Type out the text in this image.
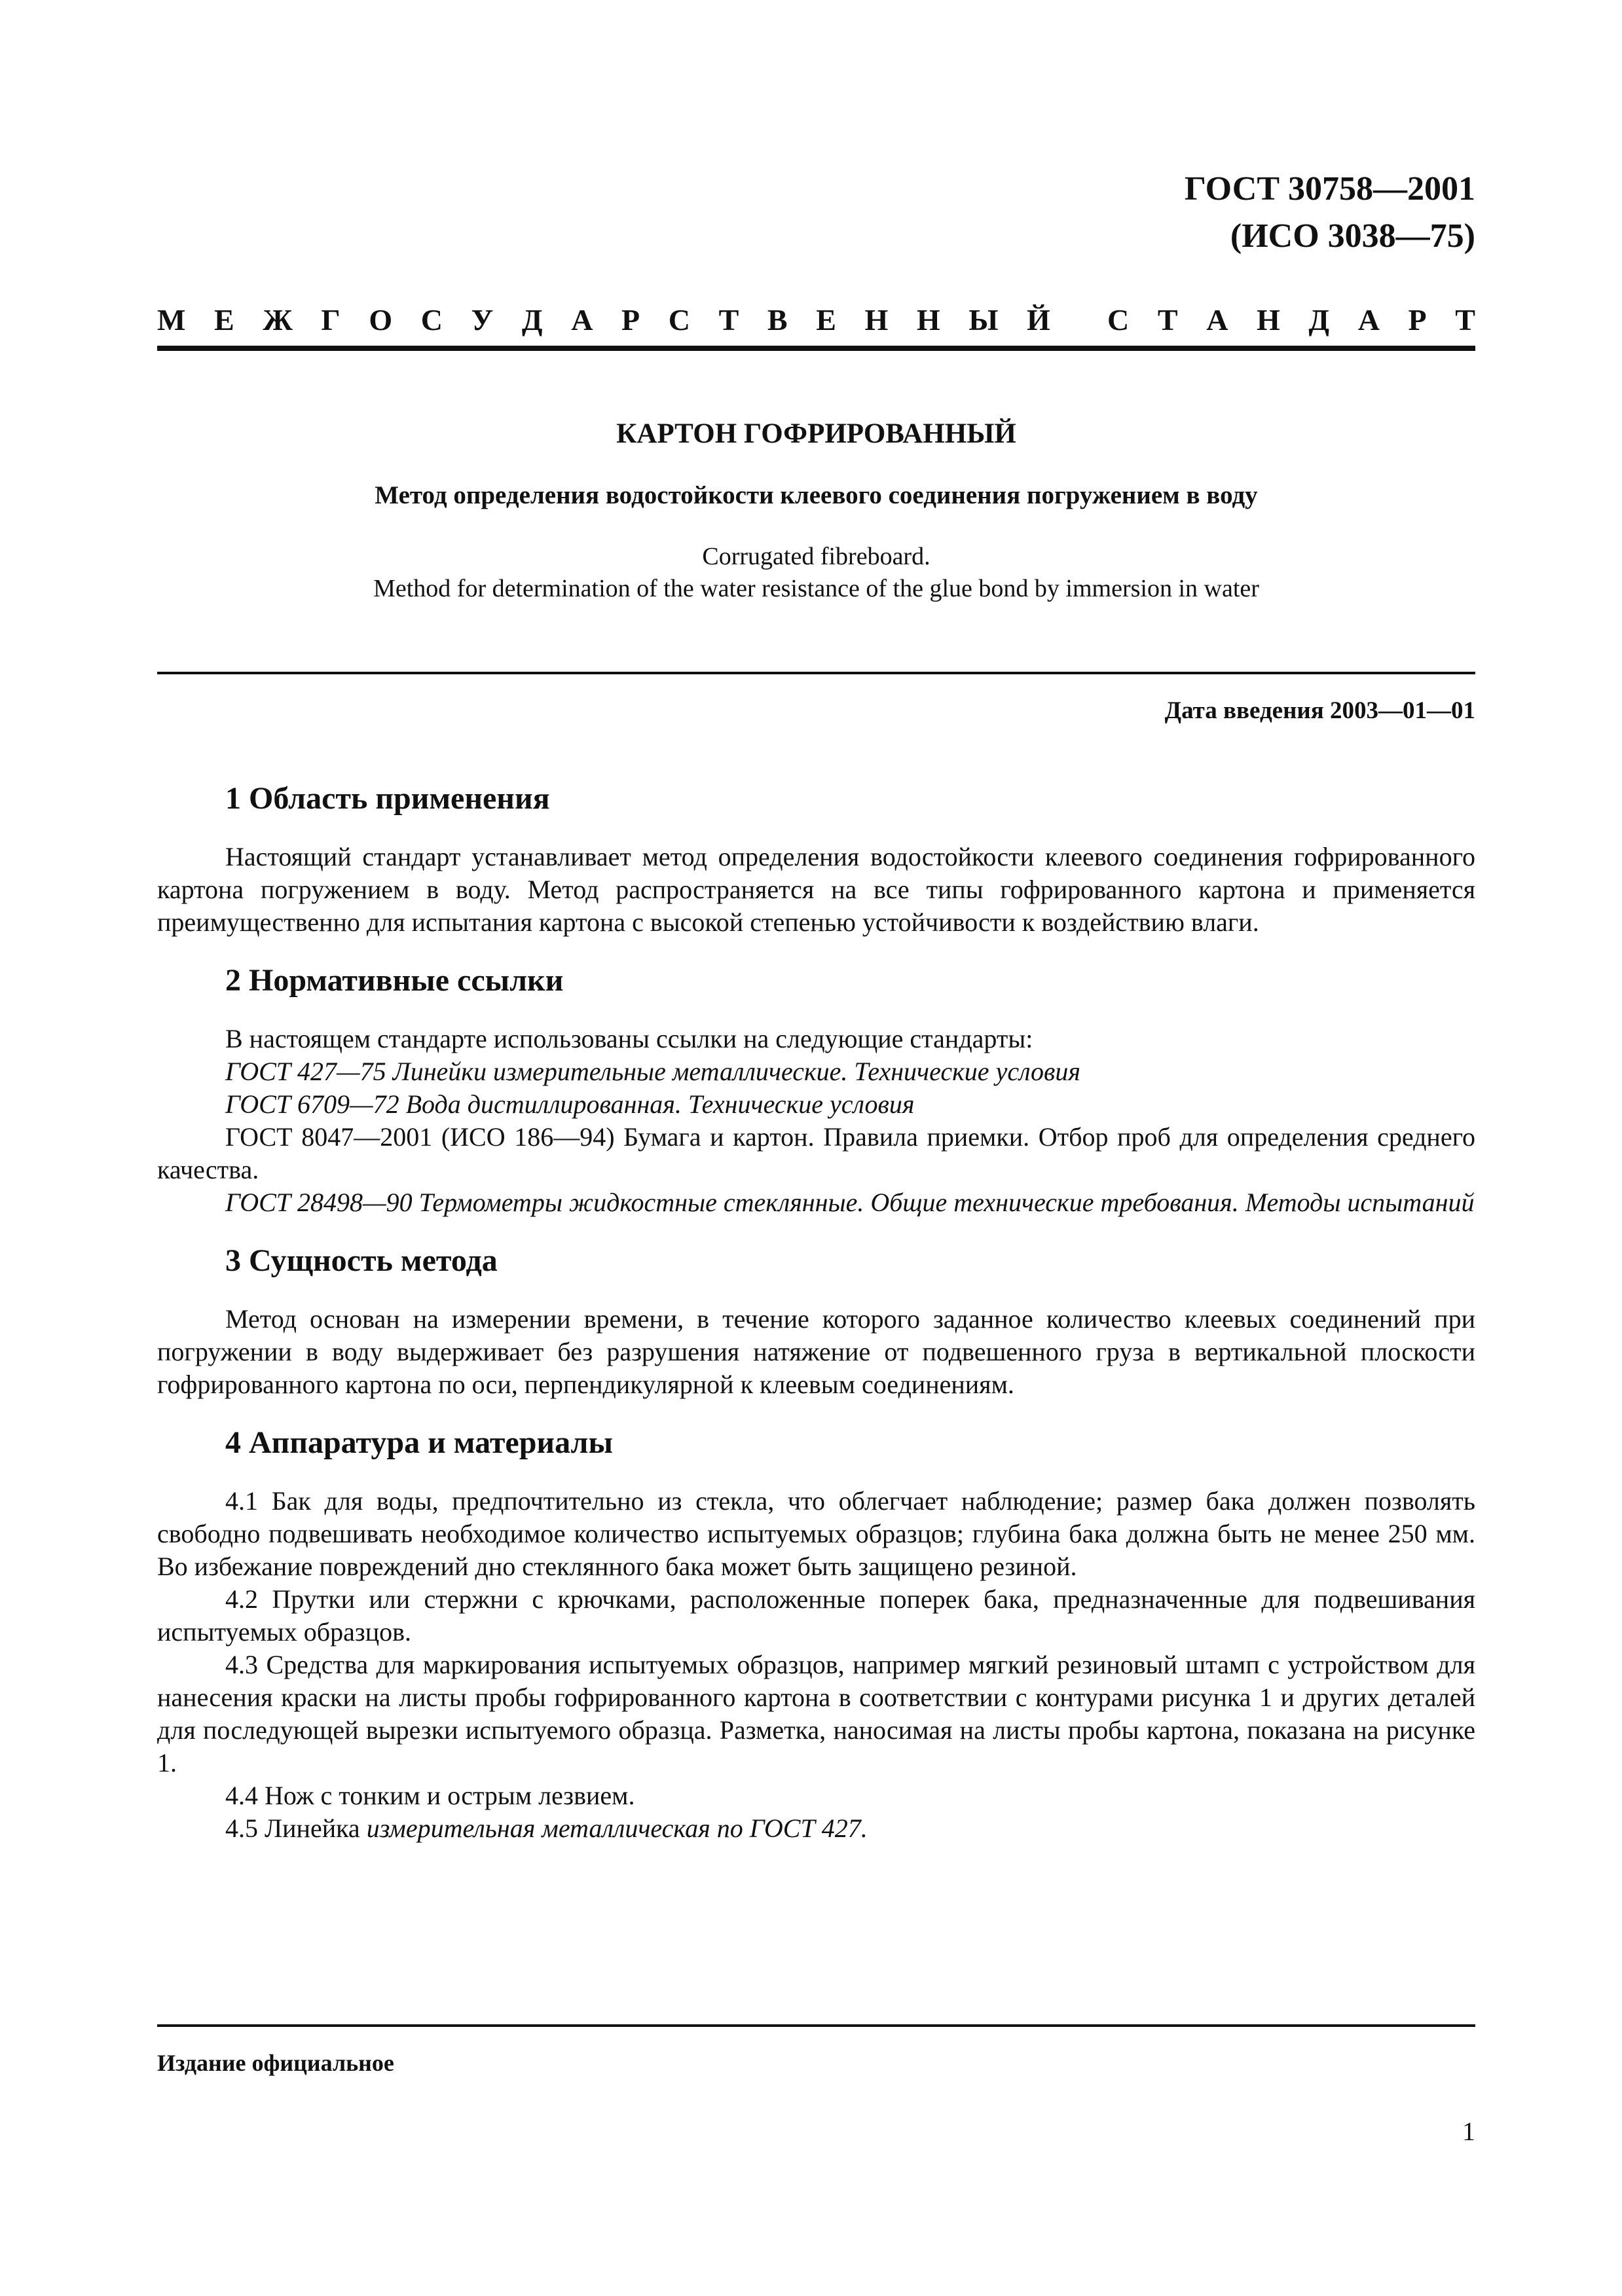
ГОСТ 30758—2001
(ИСО 3038—75)
М Е Ж Г О С У Д А Р С Т В Е Н Н Ы Й С Т А Н Д А Р Т
КАРТОН ГОФРИРОВАННЫЙ
Метод определения водостойкости клеевого соединения погружением в воду
Corrugated fibreboard.
Method for determination of the water resistance of the glue bond by immersion in water
Дата введения 2003—01—01
1 Область применения

Настоящий стандарт устанавливает метод определения водостойкости клеевого соединения гофрированного картона погружением в воду. Метод распространяется на все типы гофрированного картона и применяется преимущественно для испытания картона с высокой степенью устойчивости к воздействию влаги.

2 Нормативные ссылки

В настоящем стандарте использованы ссылки на следующие стандарты:

ГОСТ 427—75 Линейки измерительные металлические. Технические условия

ГОСТ 6709—72 Вода дистиллированная. Технические условия

ГОСТ 8047—2001 (ИСО 186—94) Бумага и картон. Правила приемки. Отбор проб для определения среднего качества.

ГОСТ 28498—90 Термометры жидкостные стеклянные. Общие технические требования. Методы испытаний

3 Сущность метода

Метод основан на измерении времени, в течение которого заданное количество клеевых соединений при погружении в воду выдерживает без разрушения натяжение от подвешенного груза в вертикальной плоскости гофрированного картона по оси, перпендикулярной к клеевым соединениям.

4 Аппаратура и материалы

4.1 Бак для воды, предпочтительно из стекла, что облегчает наблюдение; размер бака должен позволять свободно подвешивать необходимое количество испытуемых образцов; глубина бака должна быть не менее 250 мм. Во избежание повреждений дно стеклянного бака может быть защищено резиной.

4.2 Прутки или стержни с крючками, расположенные поперек бака, предназначенные для подвешивания испытуемых образцов.

4.3 Средства для маркирования испытуемых образцов, например мягкий резиновый штамп с устройством для нанесения краски на листы пробы гофрированного картона в соответствии с контурами рисунка 1 и других деталей для последующей вырезки испытуемого образца. Разметка, наносимая на листы пробы картона, показана на рисунке 1.

4.4 Нож с тонким и острым лезвием.

4.5 Линейка измерительная металлическая по ГОСТ 427.

Издание официальное
1
